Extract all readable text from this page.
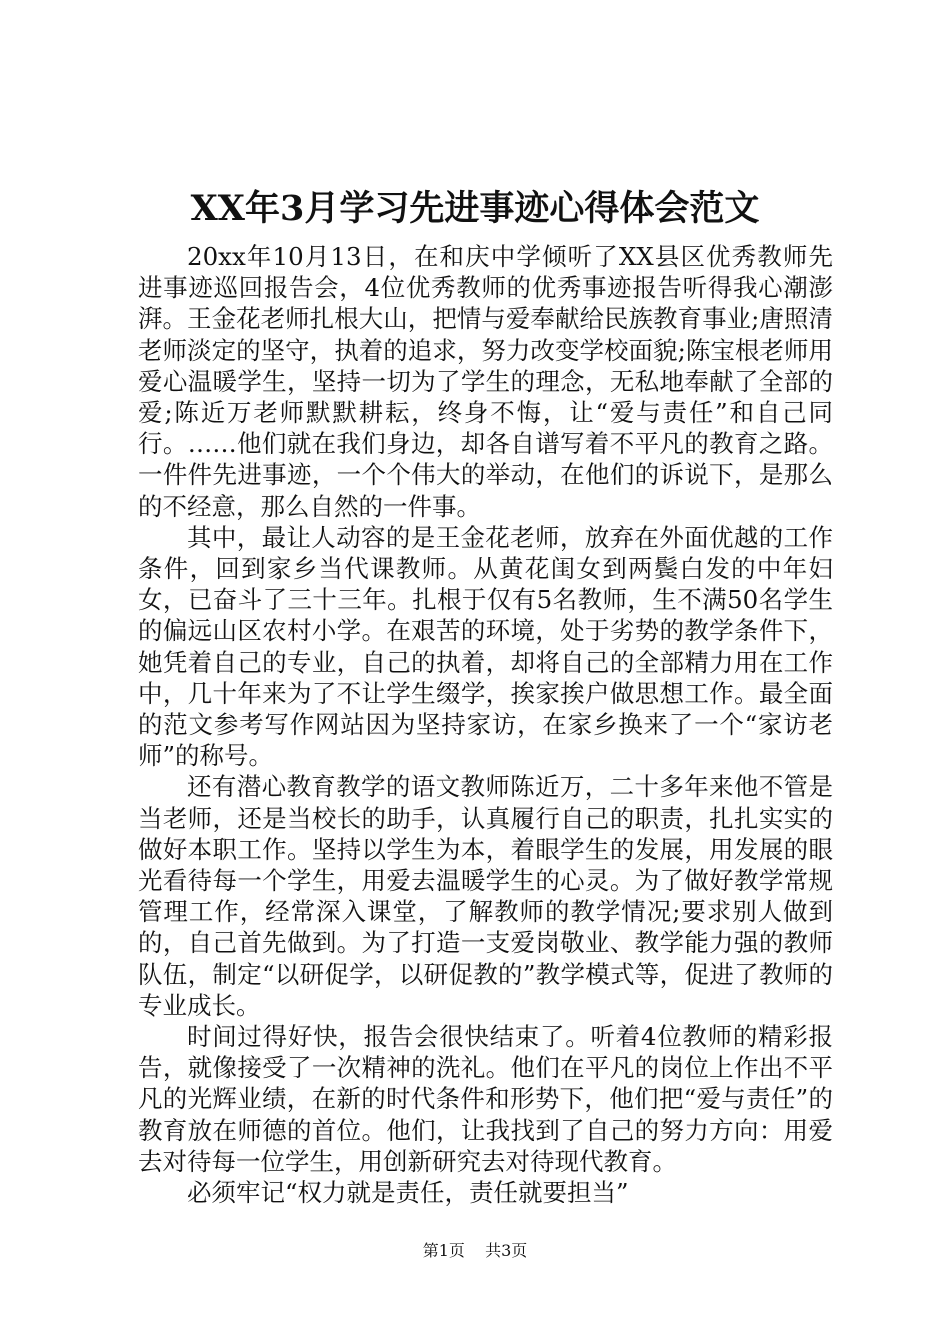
XX年3月学习先进事迹心得体会范文

20xx年10月13日，在和庆中学倾听了XX县区优秀教师先进事迹巡回报告会，4位优秀教师的优秀事迹报告听得我心潮澎湃。王金花老师扎根大山，把情与爱奉献给民族教育事业;唐照清老师淡定的坚守，执着的追求，努力改变学校面貌;陈宝根老师用爱心温暖学生，坚持一切为了学生的理念，无私地奉献了全部的爱;陈近万老师默默耕耘，终身不悔，让“爱与责任”和自己同行。……他们就在我们身边，却各自谱写着不平凡的教育之路。一件件先进事迹，一个个伟大的举动，在他们的诉说下，是那么的不经意，那么自然的一件事。

其中，最让人动容的是王金花老师，放弃在外面优越的工作条件，回到家乡当代课教师。从黄花闺女到两鬓白发的中年妇女，已奋斗了三十三年。扎根于仅有5名教师，生不满50名学生的偏远山区农村小学。在艰苦的环境，处于劣势的教学条件下，她凭着自己的专业，自己的执着，却将自己的全部精力用在工作中，几十年来为了不让学生缀学，挨家挨户做思想工作。最全面的范文参考写作网站因为坚持家访，在家乡换来了一个“家访老师”的称号。

还有潜心教育教学的语文教师陈近万，二十多年来他不管是当老师，还是当校长的助手，认真履行自己的职责，扎扎实实的做好本职工作。坚持以学生为本，着眼学生的发展，用发展的眼光看待每一个学生，用爱去温暖学生的心灵。为了做好教学常规管理工作，经常深入课堂，了解教师的教学情况;要求别人做到的，自己首先做到。为了打造一支爱岗敬业、教学能力强的教师队伍，制定“以研促学，以研促教的”教学模式等，促进了教师的专业成长。

时间过得好快，报告会很快结束了。听着4位教师的精彩报告，就像接受了一次精神的洗礼。他们在平凡的岗位上作出不平凡的光辉业绩，在新的时代条件和形势下，他们把“爱与责任”的教育放在师德的首位。他们，让我找到了自己的努力方向：用爱去对待每一位学生，用创新研究去对待现代教育。

必须牢记“权力就是责任，责任就要担当”

第1页 共3页
